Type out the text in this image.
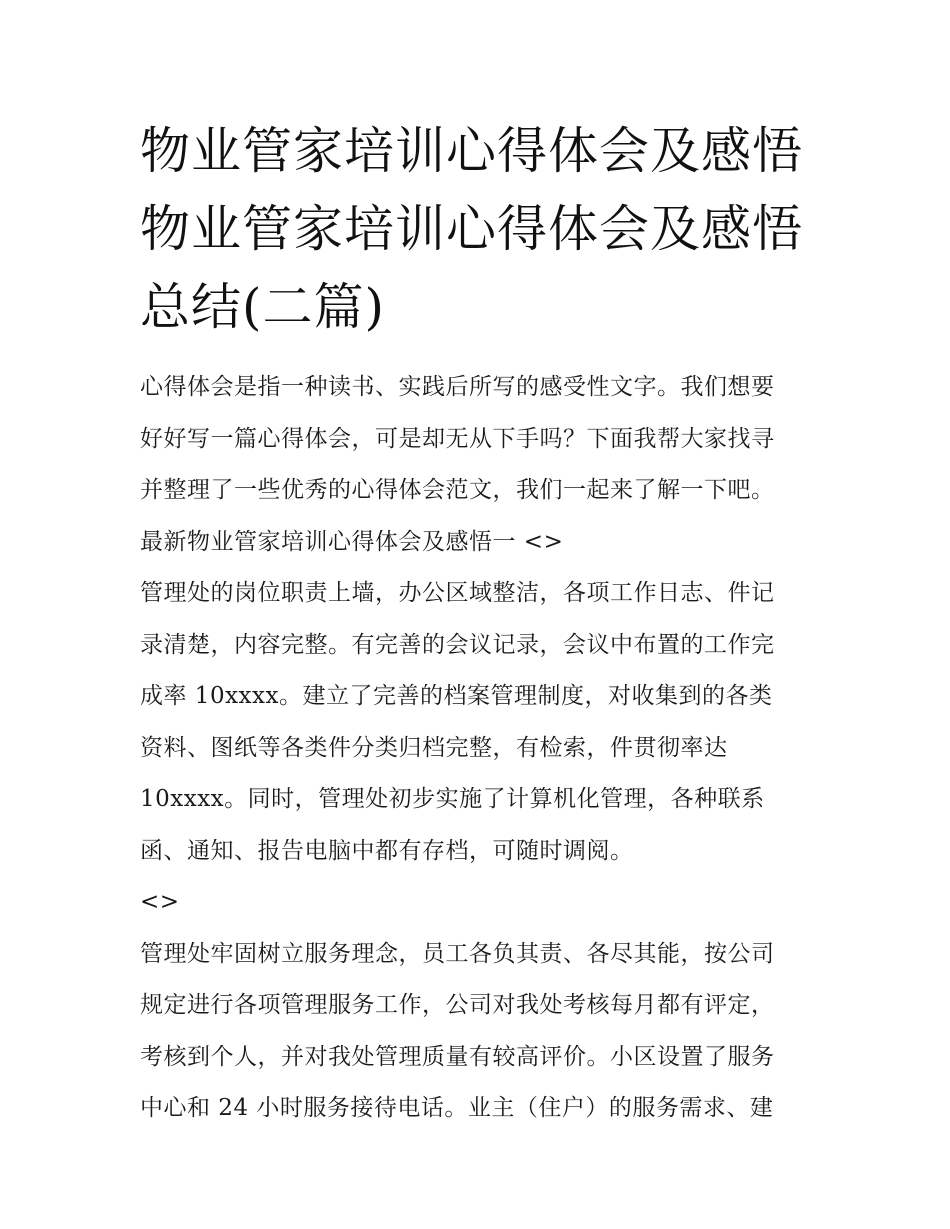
物业管家培训心得体会及感悟
物业管家培训心得体会及感悟
总结(二篇)

心得体会是指一种读书、实践后所写的感受性文字。我们想要
好好写一篇心得体会，可是却无从下手吗？下面我帮大家找寻
并整理了一些优秀的心得体会范文，我们一起来了解一下吧。

最新物业管家培训心得体会及感悟一 <>

管理处的岗位职责上墙，办公区域整洁，各项工作日志、件记
录清楚，内容完整。有完善的会议记录，会议中布置的工作完
成率 10xxxx。建立了完善的档案管理制度，对收集到的各类
资料、图纸等各类件分类归档完整，有检索，件贯彻率达
10xxxx。同时，管理处初步实施了计算机化管理，各种联系
函、通知、报告电脑中都有存档，可随时调阅。

<>

管理处牢固树立服务理念，员工各负其责、各尽其能，按公司
规定进行各项管理服务工作，公司对我处考核每月都有评定，
考核到个人，并对我处管理质量有较高评价。小区设置了服务
中心和 24 小时服务接待电话。业主（住户）的服务需求、建
